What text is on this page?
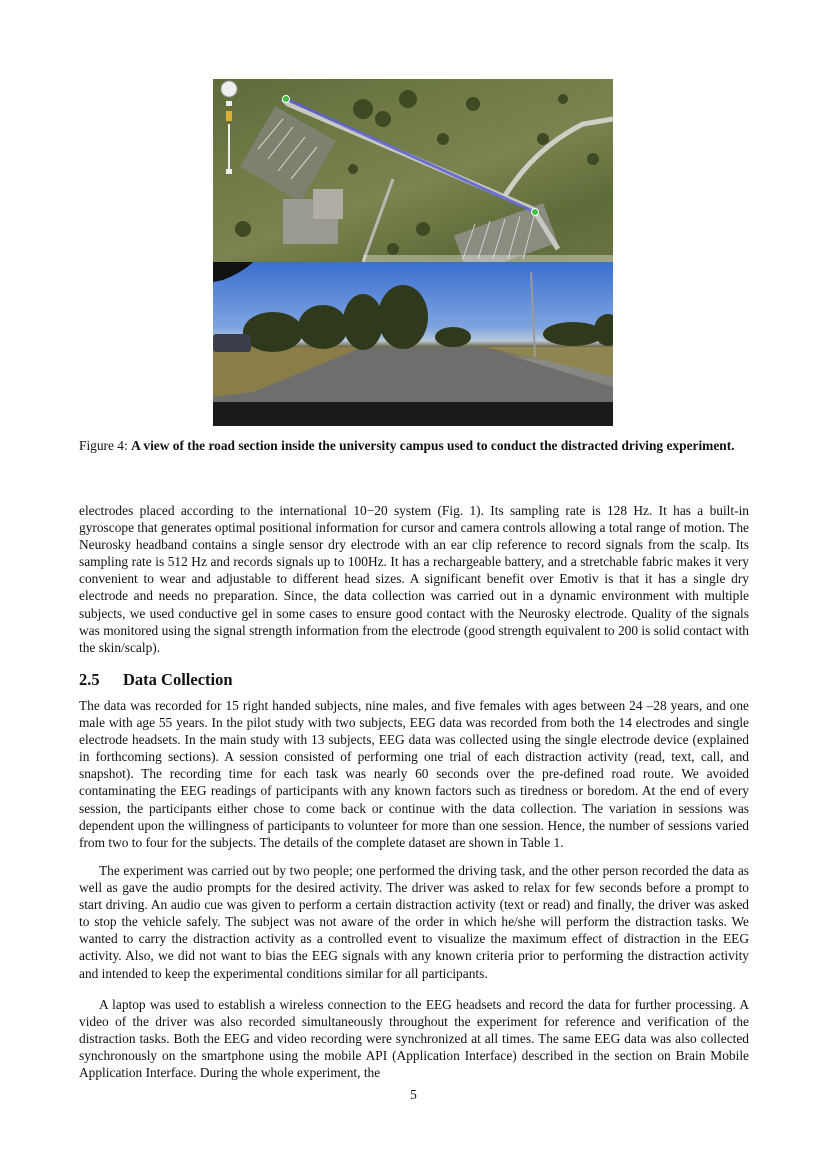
Figure 4: A view of the road section inside the university campus used to conduct the distracted driving experiment.

electrodes placed according to the international 10−20 system (Fig. 1). Its sampling rate is 128 Hz. It has a built-in gyroscope that generates optimal positional information for cursor and camera controls allowing a total range of motion. The Neurosky headband contains a single sensor dry electrode with an ear clip reference to record signals from the scalp. Its sampling rate is 512 Hz and records signals up to 100Hz. It has a rechargeable battery, and a stretchable fabric makes it very convenient to wear and adjustable to different head sizes. A significant benefit over Emotiv is that it has a single dry electrode and needs no preparation. Since, the data collection was carried out in a dynamic environment with multiple subjects, we used conductive gel in some cases to ensure good contact with the Neurosky electrode. Quality of the signals was monitored using the signal strength information from the electrode (good strength equivalent to 200 is solid contact with the skin/scalp).

2.5 Data Collection

The data was recorded for 15 right handed subjects, nine males, and five females with ages between 24 –28 years, and one male with age 55 years. In the pilot study with two subjects, EEG data was recorded from both the 14 electrodes and single electrode headsets. In the main study with 13 subjects, EEG data was collected using the single electrode device (explained in forthcoming sections). A session consisted of performing one trial of each distraction activity (read, text, call, and snapshot). The recording time for each task was nearly 60 seconds over the pre-defined road route. We avoided contaminating the EEG readings of participants with any known factors such as tiredness or boredom. At the end of every session, the participants either chose to come back or continue with the data collection. The variation in sessions was dependent upon the willingness of participants to volunteer for more than one session. Hence, the number of sessions varied from two to four for the subjects. The details of the complete dataset are shown in Table 1.

The experiment was carried out by two people; one performed the driving task, and the other person recorded the data as well as gave the audio prompts for the desired activity. The driver was asked to relax for few seconds before a prompt to start driving. An audio cue was given to perform a certain distraction activity (text or read) and finally, the driver was asked to stop the vehicle safely. The subject was not aware of the order in which he/she will perform the distraction tasks. We wanted to carry the distraction activity as a controlled event to visualize the maximum effect of distraction in the EEG activity. Also, we did not want to bias the EEG signals with any known criteria prior to performing the distraction activity and intended to keep the experimental conditions similar for all participants.

A laptop was used to establish a wireless connection to the EEG headsets and record the data for further processing. A video of the driver was also recorded simultaneously throughout the experiment for reference and verification of the distraction tasks. Both the EEG and video recording were synchronized at all times. The same EEG data was also collected synchronously on the smartphone using the mobile API (Application Interface) described in the section on Brain Mobile Application Interface. During the whole experiment, the

5
